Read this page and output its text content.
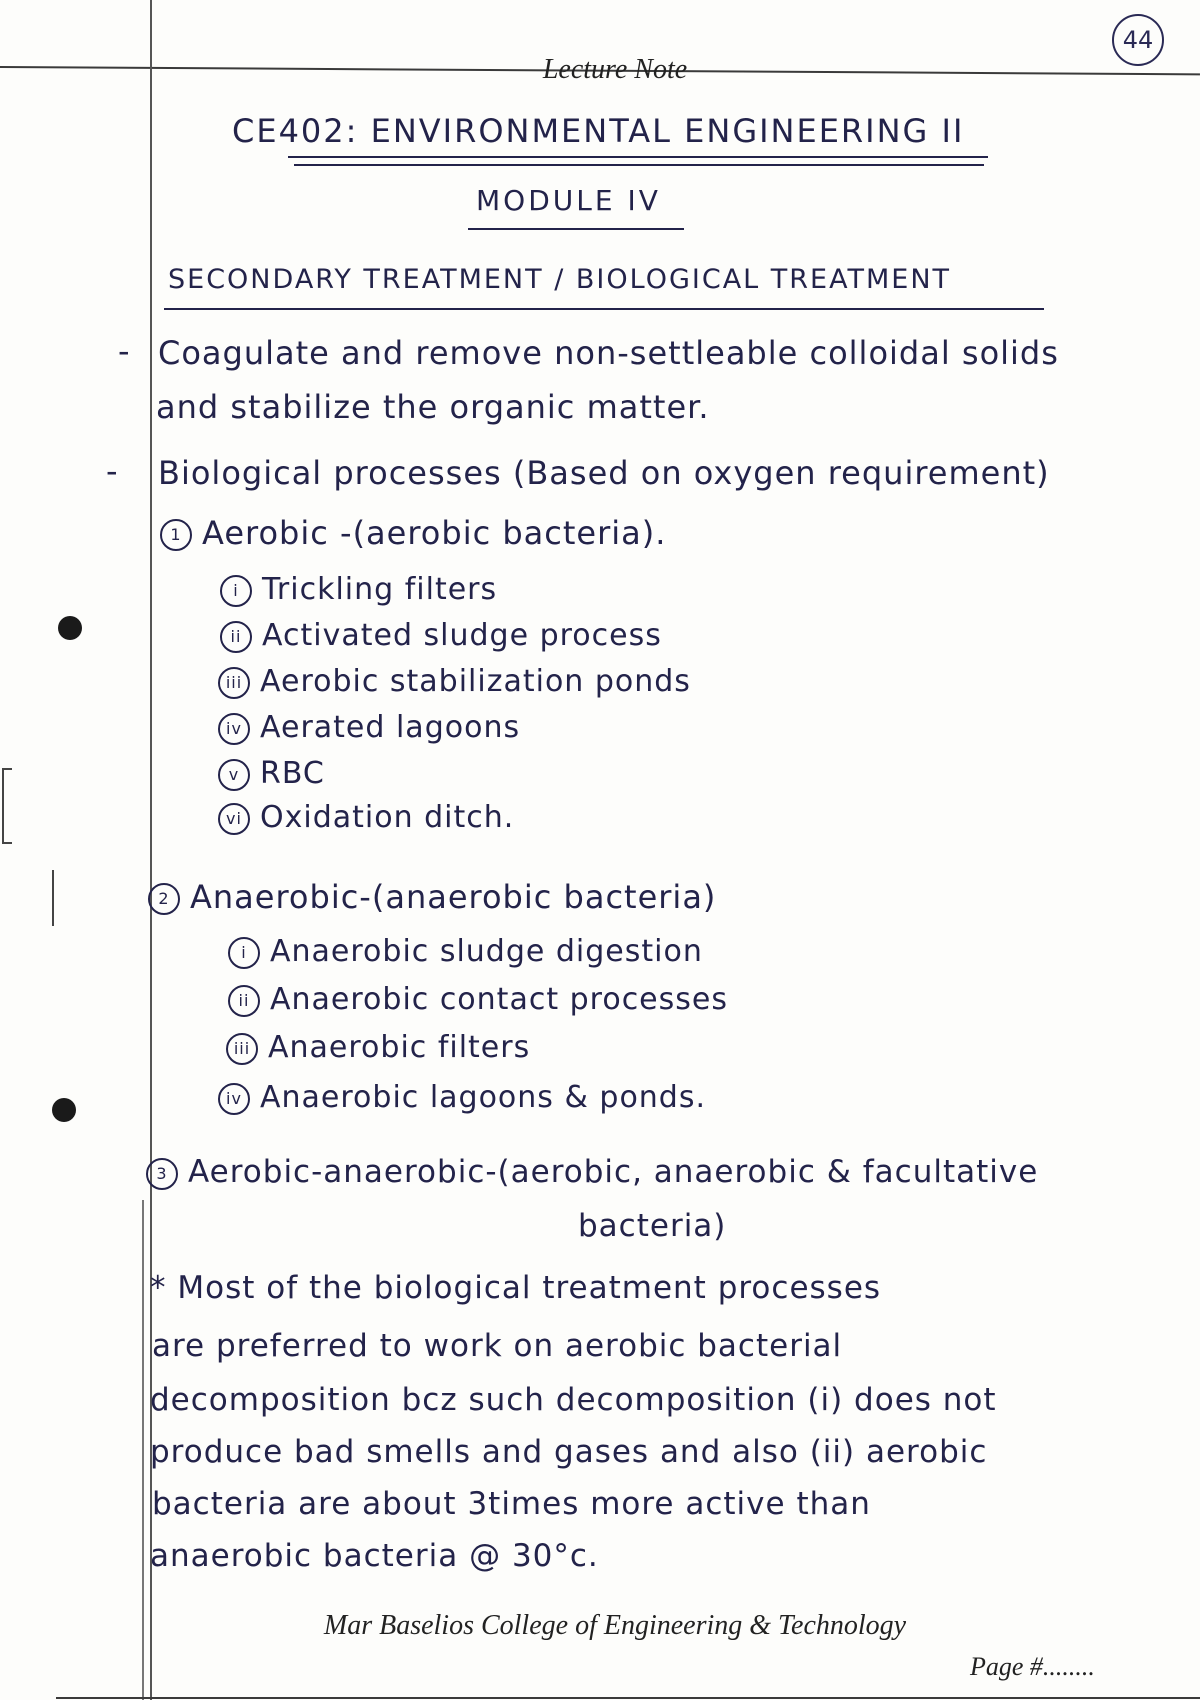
44
Lecture Note
CE402: ENVIRONMENTAL ENGINEERING II
MODULE IV
SECONDARY TREATMENT / BIOLOGICAL TREATMENT
- Coagulate and remove non-settleable colloidal solids
and stabilize the organic matter.
- Biological processes (Based on oxygen requirement)
1 Aerobic -(aerobic bacteria).
i Trickling filters
ii Activated sludge process
iii Aerobic stabilization ponds
iv Aerated lagoons
v RBC
vi Oxidation ditch.
2 Anaerobic-(anaerobic bacteria)
i Anaerobic sludge digestion
ii Anaerobic contact processes
iii Anaerobic filters
iv Anaerobic lagoons & ponds.
3 Aerobic-anaerobic-(aerobic, anaerobic & facultative
bacteria)
* Most of the biological treatment processes
are preferred to work on aerobic bacterial
decomposition bcz such decomposition (i) does not
produce bad smells and gases and also (ii) aerobic
bacteria are about 3times more active than
anaerobic bacteria @ 30°c.
Mar Baselios College of Engineering & Technology
Page #........
